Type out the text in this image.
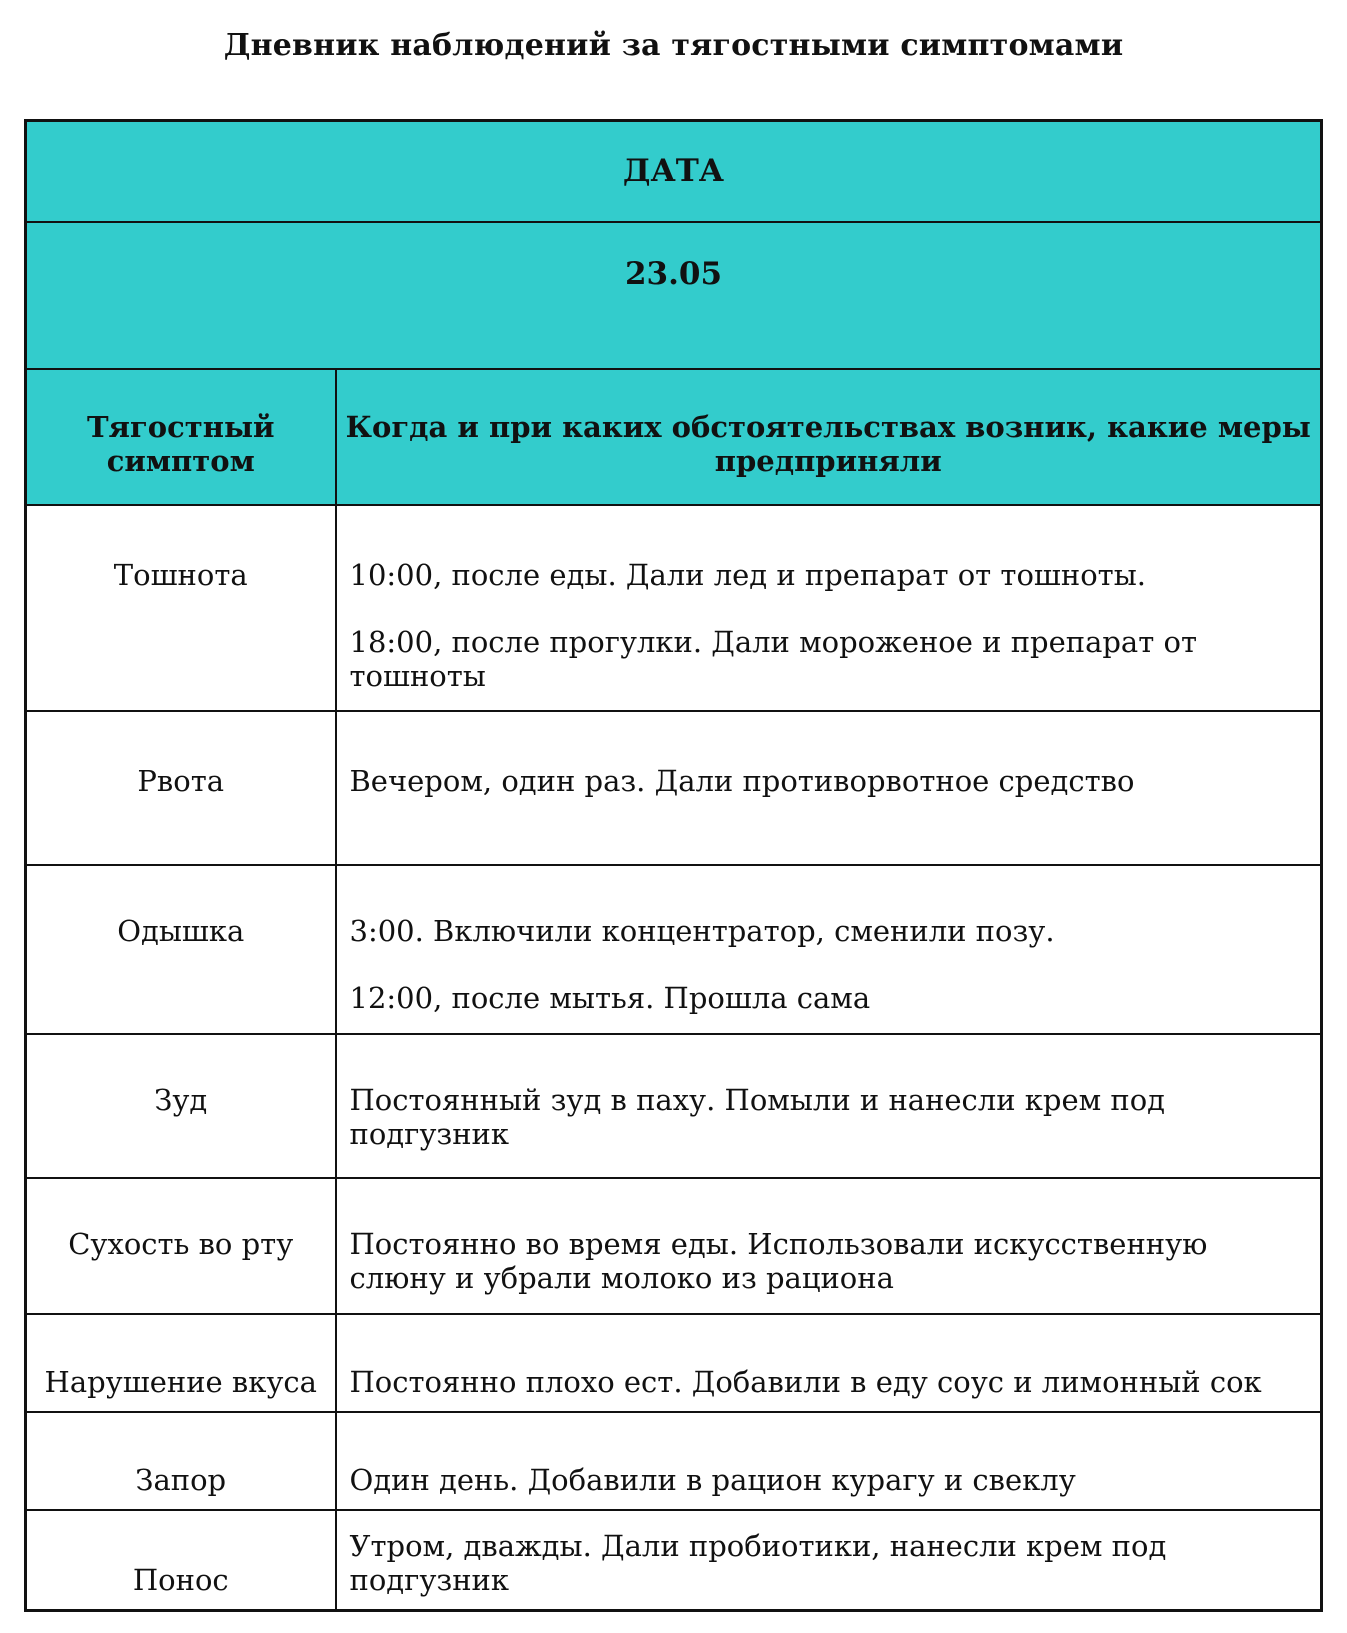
Дневник наблюдений за тягостными симптомами
ДАТА	
23.05	
Тягостный симптом	Когда и при каких обстоятельствах возник, какие меры предприняли
Тошнота	10:00, после еды. Дали лед и препарат от тошноты.

18:00, после прогулки. Дали мороженое и препарат от тошноты

Рвота	Вечером, один раз. Дали противорвотное средство

Одышка	3:00. Включили концентратор, сменили позу.

12:00, после мытья. Прошла сама

Зуд	Постоянный зуд в паху. Помыли и нанесли крем под подгузник

Сухость во рту	Постоянно во время еды. Использовали искусственную слюну и убрали молоко из рациона

Нарушение вкуса	Постоянно плохо ест. Добавили в еду соус и лимонный сок

Запор	Один день. Добавили в рацион курагу и свеклу

Понос	Утром, дважды. Дали пробиотики, нанесли крем под подгузник
